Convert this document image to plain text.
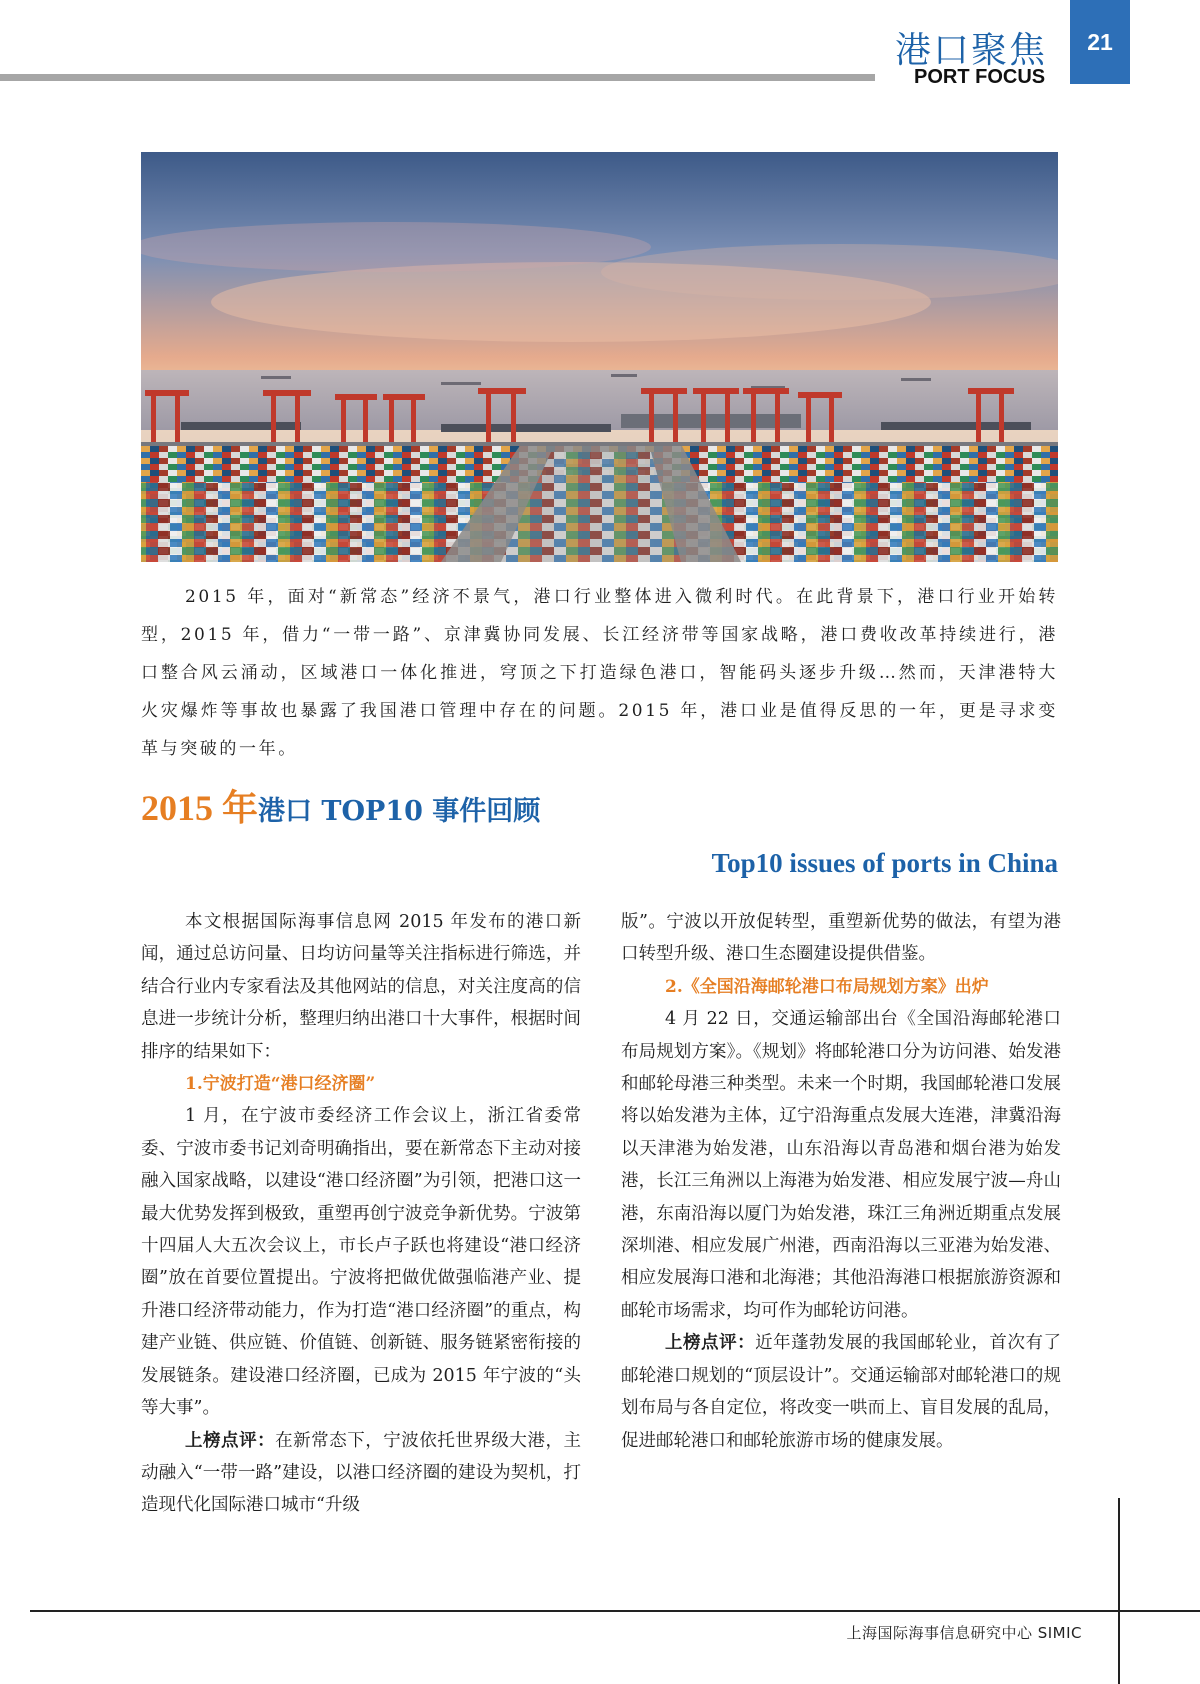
港口聚焦
PORT FOCUS
21

2015 年，面对“新常态”经济不景气，港口行业整体进入微利时代。在此背景下，港口行业开始转型，2015 年，借力“一带一路”、京津冀协同发展、长江经济带等国家战略，港口费收改革持续进行，港口整合风云涌动，区域港口一体化推进，穹顶之下打造绿色港口，智能码头逐步升级…然而，天津港特大火灾爆炸等事故也暴露了我国港口管理中存在的问题。2015 年，港口业是值得反思的一年，更是寻求变革与突破的一年。

2015 年港口 TOP10 事件回顾
Top10 issues of ports in China

本文根据国际海事信息网 2015 年发布的港口新闻，通过总访问量、日均访问量等关注指标进行筛选，并结合行业内专家看法及其他网站的信息，对关注度高的信息进一步统计分析，整理归纳出港口十大事件，根据时间排序的结果如下：

1.宁波打造“港口经济圈”

1 月，在宁波市委经济工作会议上，浙江省委常委、宁波市委书记刘奇明确指出，要在新常态下主动对接融入国家战略，以建设“港口经济圈”为引领，把港口这一最大优势发挥到极致，重塑再创宁波竞争新优势。宁波第十四届人大五次会议上，市长卢子跃也将建设“港口经济圈”放在首要位置提出。宁波将把做优做强临港产业、提升港口经济带动能力，作为打造“港口经济圈”的重点，构建产业链、供应链、价值链、创新链、服务链紧密衔接的发展链条。建设港口经济圈，已成为 2015 年宁波的“头等大事”。

上榜点评：在新常态下，宁波依托世界级大港，主动融入“一带一路”建设，以港口经济圈的建设为契机，打造现代化国际港口城市“升级

版”。宁波以开放促转型，重塑新优势的做法，有望为港口转型升级、港口生态圈建设提供借鉴。

2.《全国沿海邮轮港口布局规划方案》出炉

4 月 22 日，交通运输部出台《全国沿海邮轮港口布局规划方案》。《规划》将邮轮港口分为访问港、始发港和邮轮母港三种类型。未来一个时期，我国邮轮港口发展将以始发港为主体，辽宁沿海重点发展大连港，津冀沿海以天津港为始发港，山东沿海以青岛港和烟台港为始发港，长江三角洲以上海港为始发港、相应发展宁波—舟山港，东南沿海以厦门为始发港，珠江三角洲近期重点发展深圳港、相应发展广州港，西南沿海以三亚港为始发港、相应发展海口港和北海港；其他沿海港口根据旅游资源和邮轮市场需求，均可作为邮轮访问港。

上榜点评：近年蓬勃发展的我国邮轮业，首次有了邮轮港口规划的“顶层设计”。交通运输部对邮轮港口的规划布局与各自定位，将改变一哄而上、盲目发展的乱局，促进邮轮港口和邮轮旅游市场的健康发展。

上海国际海事信息研究中心 SIMIC
